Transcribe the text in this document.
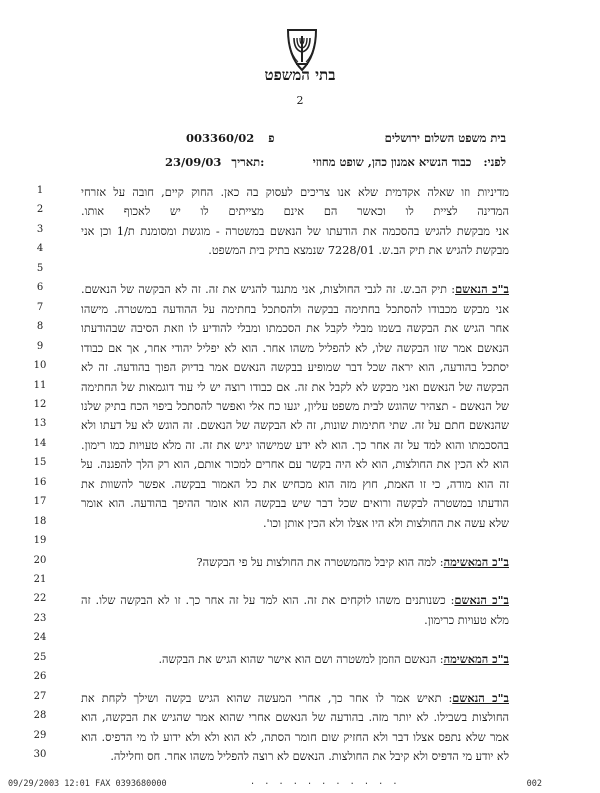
בתי המשפט
2
בית משפט השלום ירושלים
003360/02 פ
לפני:כבוד הנשיא אמנון כהן, שופט מחוזי
23/09/03 תאריך:
1	מדיניות וזו שאלה אקדמית שלא אנו צריכים לעסוק בה כאן. החוק קיים, חובה על אזרחי
2	המדינה לציית לו וכאשר הם אינם מצייתים לו יש לאכוף אותו.
3	אני מבקשת להגיש בהסכמה את הודעתו של הנאשם במשטרה - מוגשת ומסומנת ת/1 וכן אני
4	מבקשת להגיש את תיק הב.ש. 7228/01 שנמצא בתיק בית המשפט.
5
6	ב"כ הנאשם: תיק הב.ש. זה לגבי החולצות, אני מתנגד להגיש את זה. זה לא הבקשה של הנאשם.
7	אני מבקש מכבודו להסתכל בחתימה בבקשה ולהסתכל בחתימה על ההודעה במשטרה. מישהו
8	אחר הגיש את הבקשה בשמו מבלי לקבל את הסכמתו ומבלי להודיע לו וזאת הסיבה שבהודעתו
9	הנאשם אמר שזו הבקשה שלו, לא להפליל משהו אחר. הוא לא יפליל יהודי אחר, אך אם כבודו
10	יסתכל בהודעה, הוא יראה שכל דבר שמופיע בבקשה הנאשם אמר בדיוק הפוך בהודעה. זה לא
11	הבקשה של הנאשם ואני מבקש לא לקבל את זה. אם כבודו רוצה יש לי עוד דוגמאות של החתימה
12	של הנאשם - תצהיר שהוגש לבית משפט עליון, יגעו כח אלי ואפשר להסתכל ביפוי הכח בתיק שלנו
13	שהנאשם חתם על זה. שתי חתימות שונות, זה לא הבקשה של הנאשם. זה הוגש לא על דעתו ולא
14	בהסכמתו והוא למד על זה אחר כך. הוא לא ידע שמישהו יגיש את זה. זה מלא טעויות כמו רימון.
15	הוא לא הכין את החולצות, הוא לא היה בקשר עם אחרים למכור אותם, הוא רק הלך להפגנה. על
16	זה הוא מודה, כי זו האמת, חוץ מזה הוא מכחיש את כל האמור בבקשה. אפשר להשוות את
17	הודעתו במשטרה לבקשה ורואים שכל דבר שיש בבקשה הוא אומר ההיפך בהודעה. הוא אומר
18	שלא עשה את החולצות ולא היו אצלו ולא הכין אותן וכו'.
19
20	ב"כ המאשימה: למה הוא קיבל מהמשטרה את החולצות על פי הבקשה?
21
22	ב"כ הנאשם: כשנותנים משהו לוקחים את זה. הוא למד על זה אחר כך. זו לא הבקשה שלו. זה
23	מלא טעויות כרימון.
24
25	ב"כ המאשימה: הנאשם הוזמן למשטרה ושם הוא אישר שהוא הגיש את הבקשה.
26
27	ב"כ הנאשם: תאיש אמר לו אחר כך, אחרי המעשה שהוא הגיש בקשה ושילך לקחת את
28	החולצות בשבילו. לא יותר מזה. בהודעה של הנאשם אחרי שהוא אמר שהגיש את הבקשה, הוא
29	אמר שלא נתפס אצלו דבר ולא החזיק שום חומר הסתה, לא הוא ולא ולא ידוע לו מי הדפיס. הוא
30	לא יודע מי הדפיס ולא קיבל את החולצות. הנאשם לא רוצה להפליל משהו אחר. חס וחלילה.
09/29/2003 12:01 FAX 0393680000	. . . . . . . . . . .	002
